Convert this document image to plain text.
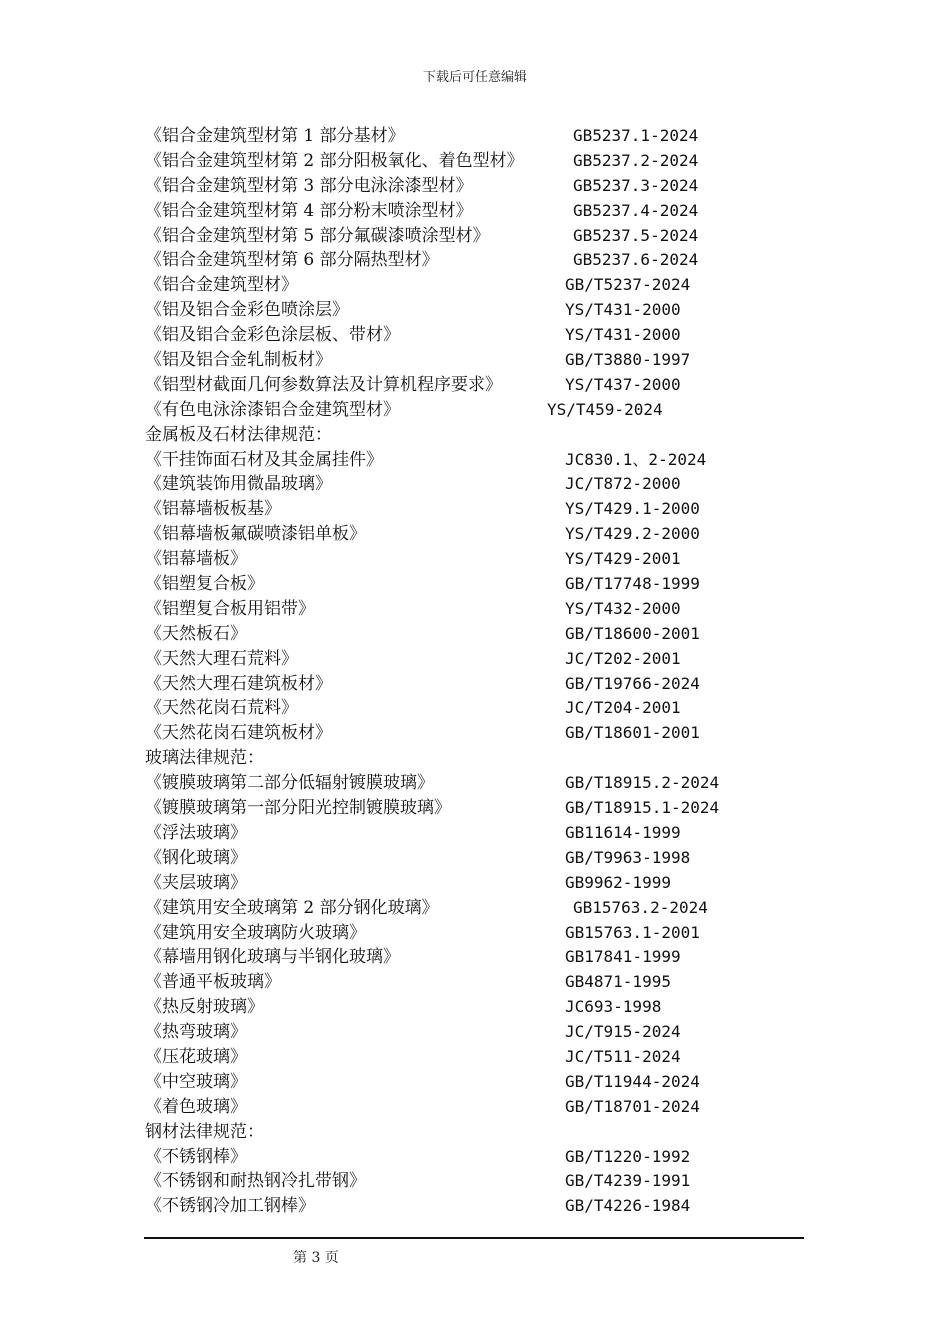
下载后可任意编辑
《铝合金建筑型材第 1 部分基材》	GB5237.1-2024
《铝合金建筑型材第 2 部分阳极氧化、着色型材》	GB5237.2-2024
《铝合金建筑型材第 3 部分电泳涂漆型材》	GB5237.3-2024
《铝合金建筑型材第 4 部分粉末喷涂型材》	GB5237.4-2024
《铝合金建筑型材第 5 部分氟碳漆喷涂型材》	GB5237.5-2024
《铝合金建筑型材第 6 部分隔热型材》	GB5237.6-2024
《铝合金建筑型材》	GB/T5237-2024
《铝及铝合金彩色喷涂层》	YS/T431-2000
《铝及铝合金彩色涂层板、带材》	YS/T431-2000
《铝及铝合金轧制板材》	GB/T3880-1997
《铝型材截面几何参数算法及计算机程序要求》	YS/T437-2000
《有色电泳涂漆铝合金建筑型材》	YS/T459-2024
金属板及石材法律规范：
《干挂饰面石材及其金属挂件》	JC830.1、2-2024
《建筑装饰用微晶玻璃》	JC/T872-2000
《铝幕墙板板基》	YS/T429.1-2000
《铝幕墙板氟碳喷漆铝单板》	YS/T429.2-2000
《铝幕墙板》	YS/T429-2001
《铝塑复合板》	GB/T17748-1999
《铝塑复合板用铝带》	YS/T432-2000
《天然板石》	GB/T18600-2001
《天然大理石荒料》	JC/T202-2001
《天然大理石建筑板材》	GB/T19766-2024
《天然花岗石荒料》	JC/T204-2001
《天然花岗石建筑板材》	GB/T18601-2001
玻璃法律规范：
《镀膜玻璃第二部分低辐射镀膜玻璃》	GB/T18915.2-2024
《镀膜玻璃第一部分阳光控制镀膜玻璃》	GB/T18915.1-2024
《浮法玻璃》	GB11614-1999
《钢化玻璃》	GB/T9963-1998
《夹层玻璃》	GB9962-1999
《建筑用安全玻璃第 2 部分钢化玻璃》	GB15763.2-2024
《建筑用安全玻璃防火玻璃》	GB15763.1-2001
《幕墙用钢化玻璃与半钢化玻璃》	GB17841-1999
《普通平板玻璃》	GB4871-1995
《热反射玻璃》	JC693-1998
《热弯玻璃》	JC/T915-2024
《压花玻璃》	JC/T511-2024
《中空玻璃》	GB/T11944-2024
《着色玻璃》	GB/T18701-2024
钢材法律规范：
《不锈钢棒》	GB/T1220-1992
《不锈钢和耐热钢冷扎带钢》	GB/T4239-1991
《不锈钢冷加工钢棒》	GB/T4226-1984
第 3 页
